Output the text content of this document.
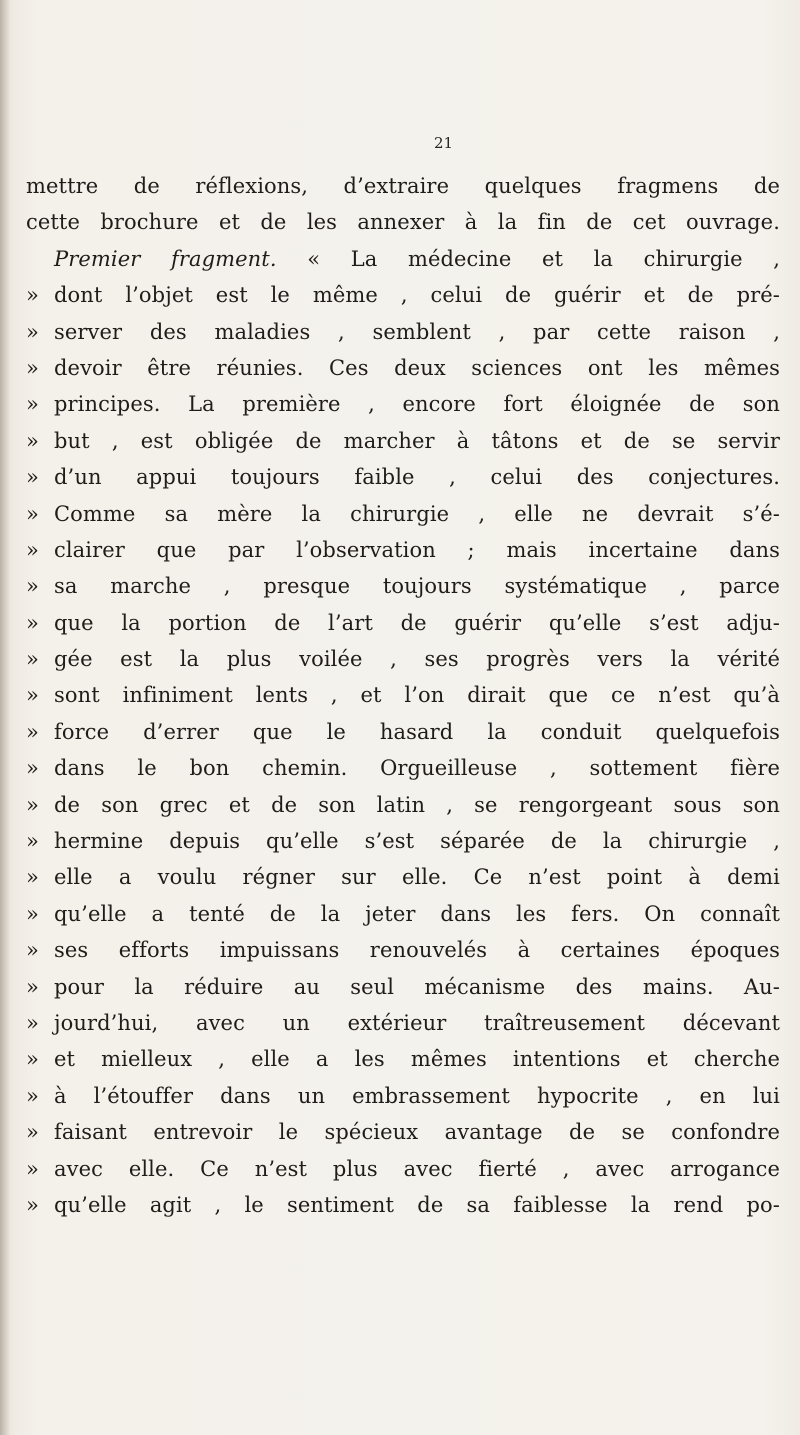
21
mettre de réflexions, d’extraire quelques fragmens de
cette brochure et de les annexer à la fin de cet ouvrage.
Premier fragment. « La médecine et la chirurgie ,
» dont l’objet est le même , celui de guérir et de pré-
» server des maladies , semblent , par cette raison ,
» devoir être réunies. Ces deux sciences ont les mêmes
» principes. La première , encore fort éloignée de son
» but , est obligée de marcher à tâtons et de se servir
» d’un appui toujours faible , celui des conjectures.
» Comme sa mère la chirurgie , elle ne devrait s’é-
» clairer que par l’observation ; mais incertaine dans
» sa marche , presque toujours systématique , parce
» que la portion de l’art de guérir qu’elle s’est adju-
» gée est la plus voilée , ses progrès vers la vérité
» sont infiniment lents , et l’on dirait que ce n’est qu’à
» force d’errer que le hasard la conduit quelquefois
» dans le bon chemin. Orgueilleuse , sottement fière
» de son grec et de son latin , se rengorgeant sous son
» hermine depuis qu’elle s’est séparée de la chirurgie ,
» elle a voulu régner sur elle. Ce n’est point à demi
» qu’elle a tenté de la jeter dans les fers. On connaît
» ses efforts impuissans renouvelés à certaines époques
» pour la réduire au seul mécanisme des mains. Au-
» jourd’hui, avec un extérieur traîtreusement décevant
» et mielleux , elle a les mêmes intentions et cherche
» à l’étouffer dans un embrassement hypocrite , en lui
» faisant entrevoir le spécieux avantage de se confondre
» avec elle. Ce n’est plus avec fierté , avec arrogance
» qu’elle agit , le sentiment de sa faiblesse la rend po-
